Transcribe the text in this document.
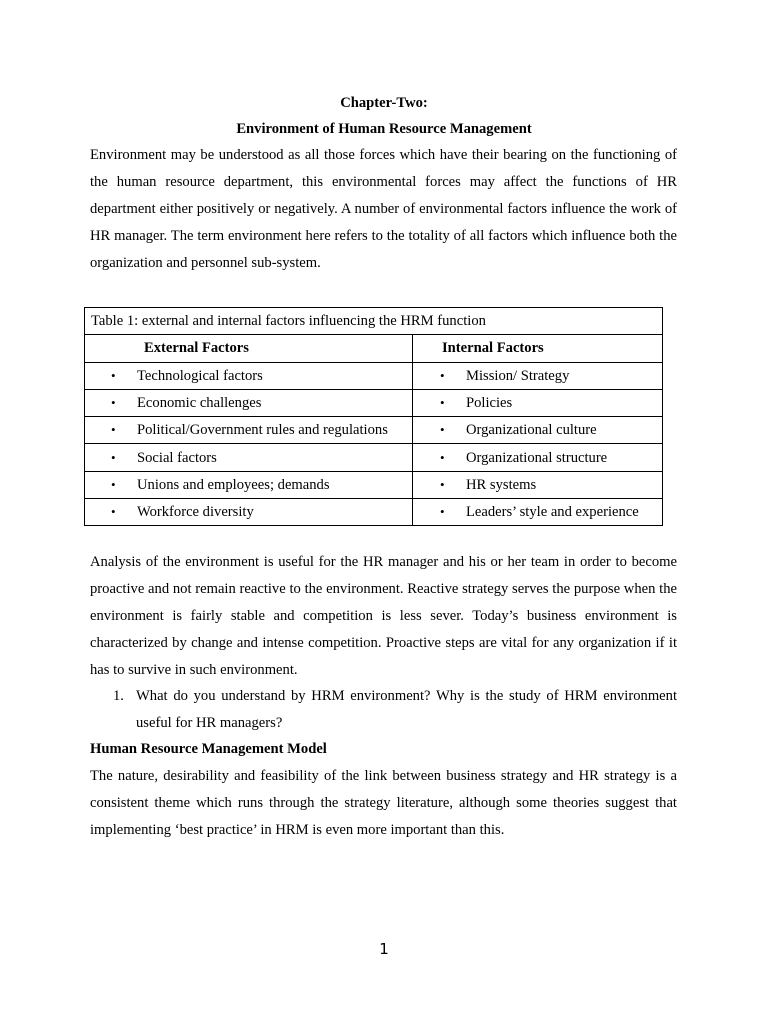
Chapter-Two:
Environment of Human Resource Management

Environment may be understood as all those forces which have their bearing on the functioning of the human resource department, this environmental forces may affect the functions of HR department either positively or negatively. A number of environmental factors influence the work of HR manager. The term environment here refers to the totality of all factors which influence both the organization and personnel sub-system.

Table 1: external and internal factors influencing the HRM function	
External Factors	Internal Factors

• Technological factors	• Mission/ Strategy

• Economic challenges	• Policies

• Political/Government rules and regulations	• Organizational culture

• Social factors	• Organizational structure

• Unions and employees; demands	• HR systems

• Workforce diversity	• Leaders’ style and experience

Analysis of the environment is useful for the HR manager and his or her team in order to become proactive and not remain reactive to the environment. Reactive strategy serves the purpose when the environment is fairly stable and competition is less sever. Today’s business environment is characterized by change and intense competition. Proactive steps are vital for any organization if it has to survive in such environment.

1. What do you understand by HRM environment? Why is the study of HRM environment useful for HR managers?
Human Resource Management Model

The nature, desirability and feasibility of the link between business strategy and HR strategy is a consistent theme which runs through the strategy literature, although some theories suggest that implementing ‘best practice’ in HRM is even more important than this.

1
